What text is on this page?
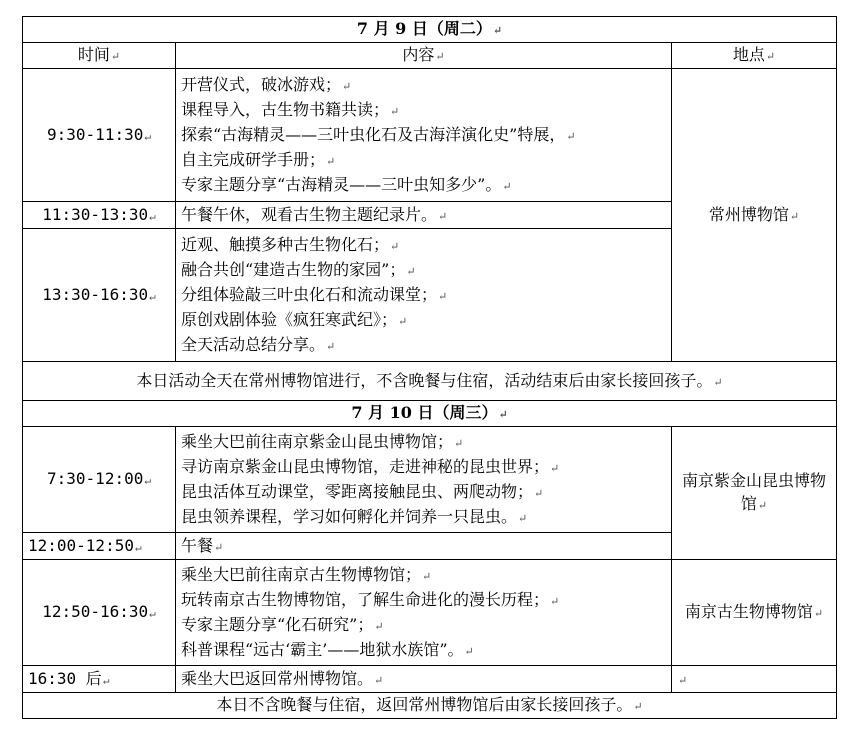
7 月 9 日（周二）↵		
时间↵	内容↵	地点↵
9:30-11:30↵	开营仪式，破冰游戏；↵
课程导入，古生物书籍共读；↵
探索“古海精灵——三叶虫化石及古海洋演化史”特展，↵
自主完成研学手册；↵
专家主题分享“古海精灵——三叶虫知多少”。↵	常州博物馆↵
11:30-13:30↵	午餐午休，观看古生物主题纪录片。↵	

13:30-16:30↵	近观、触摸多种古生物化石；↵
融合共创“建造古生物的家园”；↵
分组体验敲三叶虫化石和流动课堂；↵
原创戏剧体验《疯狂寒武纪》；↵
全天活动总结分享。↵	

本日活动全天在常州博物馆进行，不含晚餐与住宿，活动结束后由家长接回孩子。↵		
7 月 10 日（周三）↵		
7:30-12:00↵	乘坐大巴前往南京紫金山昆虫博物馆；↵
寻访南京紫金山昆虫博物馆，走进神秘的昆虫世界；↵
昆虫活体互动课堂，零距离接触昆虫、两爬动物；↵
昆虫领养课程，学习如何孵化并饲养一只昆虫。↵	南京紫金山昆虫博物馆↵
12:00-12:50↵	午餐↵	

12:50-16:30↵	乘坐大巴前往南京古生物博物馆；↵
玩转南京古生物博物馆，了解生命进化的漫长历程；↵
专家主题分享“化石研究”；↵
科普课程“远古‘霸主’——地狱水族馆”。↵	南京古生物博物馆↵
16:30 后↵	乘坐大巴返回常州博物馆。↵	↵
本日不含晚餐与住宿，返回常州博物馆后由家长接回孩子。↵		
